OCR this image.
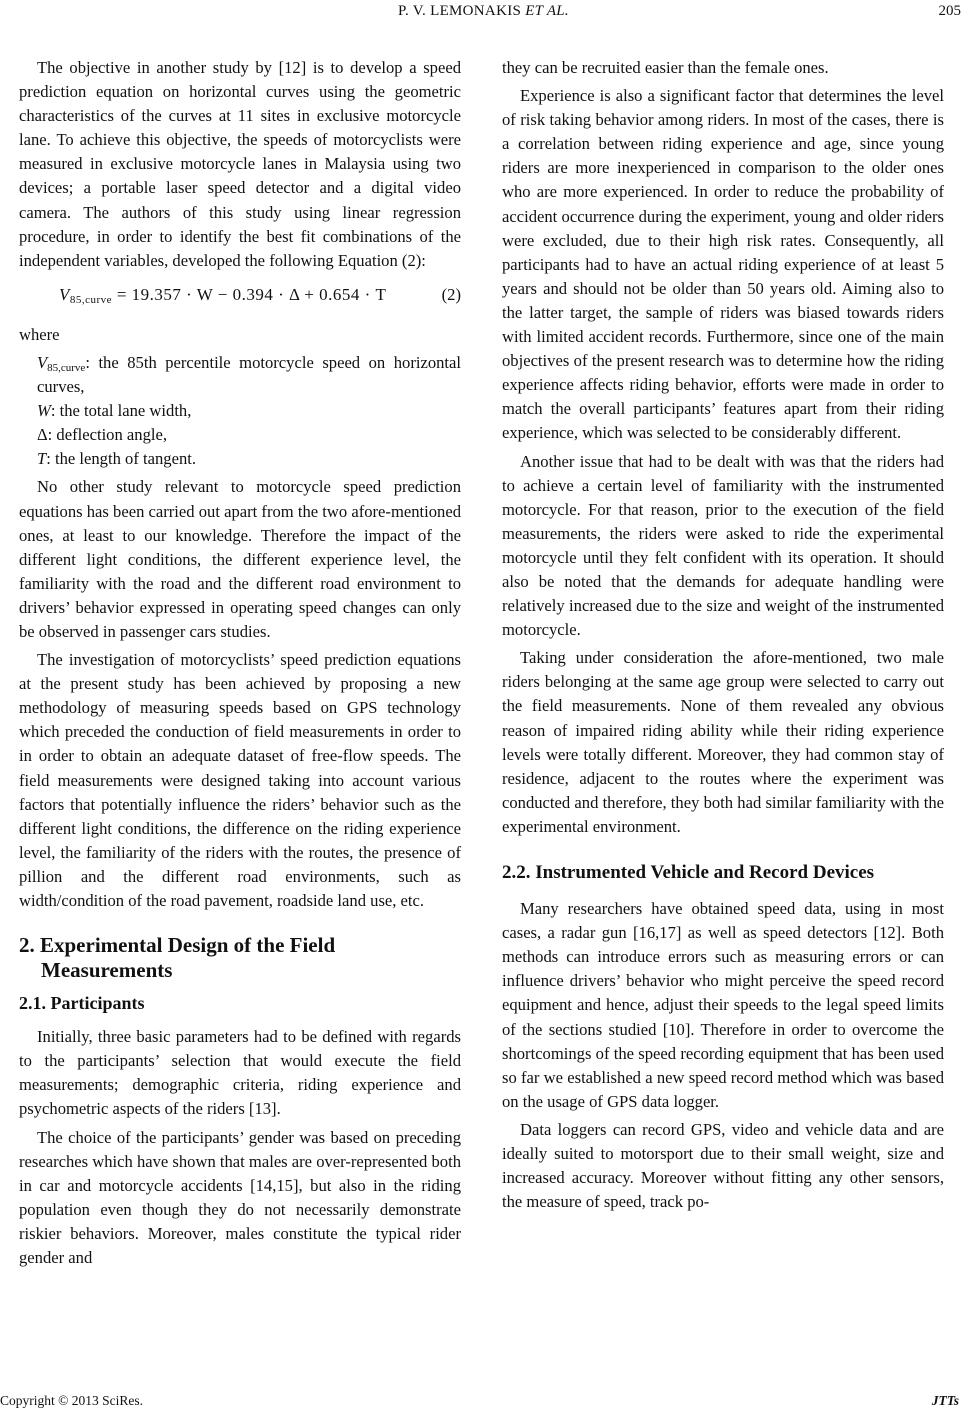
P. V. LEMONAKIS ET AL.	205

The objective in another study by [12] is to develop a speed prediction equation on horizontal curves using the geometric characteristics of the curves at 11 sites in exclusive motorcycle lane. To achieve this objective, the speeds of motorcyclists were measured in exclusive motorcycle lanes in Malaysia using two devices; a portable laser speed detector and a digital video camera. The authors of this study using linear regression procedure, in order to identify the best fit combinations of the independent variables, developed the following Equation (2):

$V_{85,curve} = 19.357 \cdot W - 0.394 \cdot \Delta + 0.654 \cdot T$	(2)

where

$V_{85,curve}$: the 85th percentile motorcycle speed on horizontal curves,

W: the total lane width,

Δ: deflection angle,

T: the length of tangent.

No other study relevant to motorcycle speed prediction equations has been carried out apart from the two afore-mentioned ones, at least to our knowledge. Therefore the impact of the different light conditions, the different experience level, the familiarity with the road and the different road environment to drivers’ behavior expressed in operating speed changes can only be observed in passenger cars studies.

The investigation of motorcyclists’ speed prediction equations at the present study has been achieved by proposing a new methodology of measuring speeds based on GPS technology which preceded the conduction of field measurements in order to in order to obtain an adequate dataset of free-flow speeds. The field measurements were designed taking into account various factors that potentially influence the riders’ behavior such as the different light conditions, the difference on the riding experience level, the familiarity of the riders with the routes, the presence of pillion and the different road environments, such as width/condition of the road pavement, roadside land use, etc.

2. Experimental Design of the Field
Measurements
2.1. Participants

Initially, three basic parameters had to be defined with regards to the participants’ selection that would execute the field measurements; demographic criteria, riding experience and psychometric aspects of the riders [13].

The choice of the participants’ gender was based on preceding researches which have shown that males are over-represented both in car and motorcycle accidents [14,15], but also in the riding population even though they do not necessarily demonstrate riskier behaviors. Moreover, males constitute the typical rider gender and

they can be recruited easier than the female ones.

Experience is also a significant factor that determines the level of risk taking behavior among riders. In most of the cases, there is a correlation between riding experience and age, since young riders are more inexperienced in comparison to the older ones who are more experienced. In order to reduce the probability of accident occurrence during the experiment, young and older riders were excluded, due to their high risk rates. Consequently, all participants had to have an actual riding experience of at least 5 years and should not be older than 50 years old. Aiming also to the latter target, the sample of riders was biased towards riders with limited accident records. Furthermore, since one of the main objectives of the present research was to determine how the riding experience affects riding behavior, efforts were made in order to match the overall participants’ features apart from their riding experience, which was selected to be considerably different.

Another issue that had to be dealt with was that the riders had to achieve a certain level of familiarity with the instrumented motorcycle. For that reason, prior to the execution of the field measurements, the riders were asked to ride the experimental motorcycle until they felt confident with its operation. It should also be noted that the demands for adequate handling were relatively increased due to the size and weight of the instrumented motorcycle.

Taking under consideration the afore-mentioned, two male riders belonging at the same age group were selected to carry out the field measurements. None of them revealed any obvious reason of impaired riding ability while their riding experience levels were totally different. Moreover, they had common stay of residence, adjacent to the routes where the experiment was conducted and therefore, they both had similar familiarity with the experimental environment.

2.2. Instrumented Vehicle and Record Devices

Many researchers have obtained speed data, using in most cases, a radar gun [16,17] as well as speed detectors [12]. Both methods can introduce errors such as measuring errors or can influence drivers’ behavior who might perceive the speed record equipment and hence, adjust their speeds to the legal speed limits of the sections studied [10]. Therefore in order to overcome the shortcomings of the speed recording equipment that has been used so far we established a new speed record method which was based on the usage of GPS data logger.

Data loggers can record GPS, video and vehicle data and are ideally suited to motorsport due to their small weight, size and increased accuracy. Moreover without fitting any other sensors, the measure of speed, track po-

Copyright © 2013 SciRes.	JTTs
